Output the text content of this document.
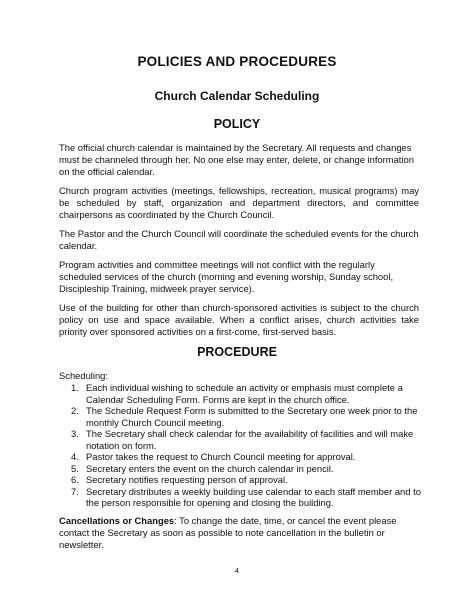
POLICIES AND PROCEDURES
Church Calendar Scheduling
POLICY

The official church calendar is maintained by the Secretary. All requests and changes must be channeled through her. No one else may enter, delete, or change information on the official calendar.

Church program activities (meetings, fellowships, recreation, musical programs) may be scheduled by staff, organization and department directors, and committee chairpersons as coordinated by the Church Council.

The Pastor and the Church Council will coordinate the scheduled events for the church calendar.

Program activities and committee meetings will not conflict with the regularly scheduled services of the church (morning and evening worship, Sunday school, Discipleship Training, midweek prayer service).

Use of the building for other than church-sponsored activities is subject to the church policy on use and space available. When a conflict arises, church activities take priority over sponsored activities on a first-come, first-served basis.

PROCEDURE

Scheduling:

1. Each individual wishing to schedule an activity or emphasis must complete a Calendar Scheduling Form. Forms are kept in the church office.
2. The Schedule Request Form is submitted to the Secretary one week prior to the monthly Church Council meeting.
3. The Secretary shall check calendar for the availability of facilities and will make notation on form.
4. Pastor takes the request to Church Council meeting for approval.
5. Secretary enters the event on the church calendar in pencil.
6. Secretary notifies requesting person of approval.
7. Secretary distributes a weekly building use calendar to each staff member and to the person responsible for opening and closing the building.

Cancellations or Changes: To change the date, time, or cancel the event please contact the Secretary as soon as possible to note cancellation in the bulletin or newsletter.

4
